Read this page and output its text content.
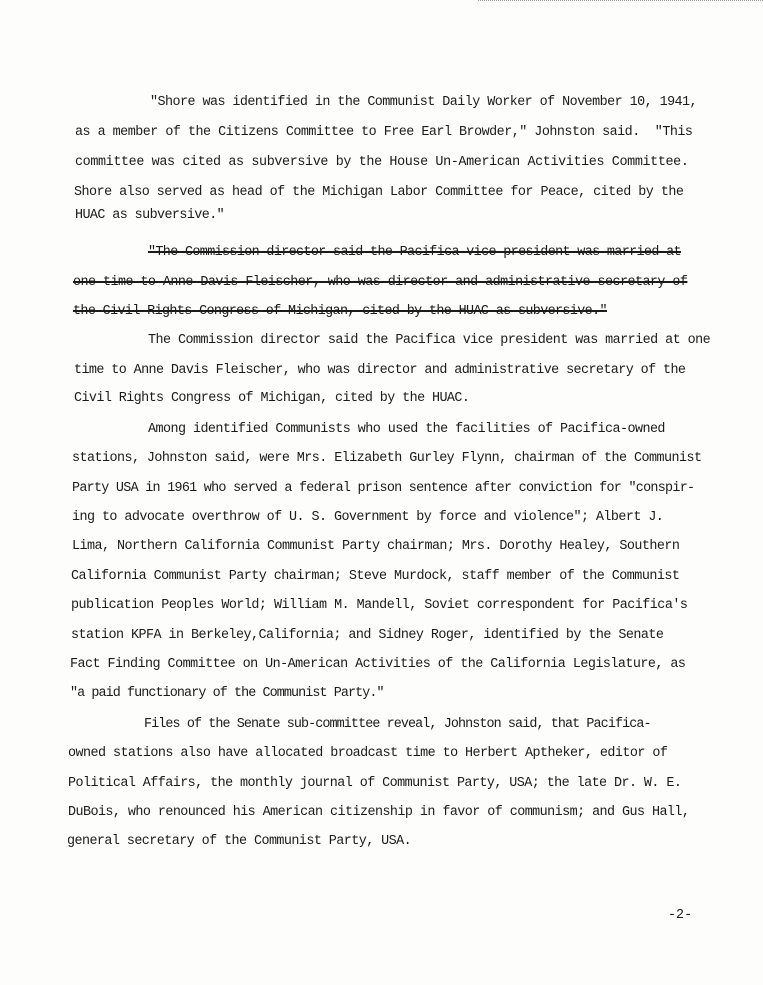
"Shore was identified in the Communist Daily Worker of November 10, 1941,
as a member of the Citizens Committee to Free Earl Browder," Johnston said.  "This
committee was cited as subversive by the House Un-American Activities Committee.
Shore also served as head of the Michigan Labor Committee for Peace, cited by the
HUAC as subversive."
"The Commission director said the Pacifica vice president was married at
one time to Anne Davis Fleischer, who was director and administrative secretary of
the Civil Rights Congress of Michigan, cited by the HUAC as subversive."
The Commission director said the Pacifica vice president was married at one
time to Anne Davis Fleischer, who was director and administrative secretary of the
Civil Rights Congress of Michigan, cited by the HUAC.
Among identified Communists who used the facilities of Pacifica-owned
stations, Johnston said, were Mrs. Elizabeth Gurley Flynn, chairman of the Communist
Party USA in 1961 who served a federal prison sentence after conviction for "conspir-
ing to advocate overthrow of U. S. Government by force and violence"; Albert J.
Lima, Northern California Communist Party chairman; Mrs. Dorothy Healey, Southern
California Communist Party chairman; Steve Murdock, staff member of the Communist
publication Peoples World; William M. Mandell, Soviet correspondent for Pacifica's
station KPFA in Berkeley,California; and Sidney Roger, identified by the Senate
Fact Finding Committee on Un-American Activities of the California Legislature, as
"a paid functionary of the Communist Party."
Files of the Senate sub-committee reveal, Johnston said, that Pacifica-
owned stations also have allocated broadcast time to Herbert Aptheker, editor of
Political Affairs, the monthly journal of Communist Party, USA; the late Dr. W. E.
DuBois, who renounced his American citizenship in favor of communism; and Gus Hall,
general secretary of the Communist Party, USA.
-2-
